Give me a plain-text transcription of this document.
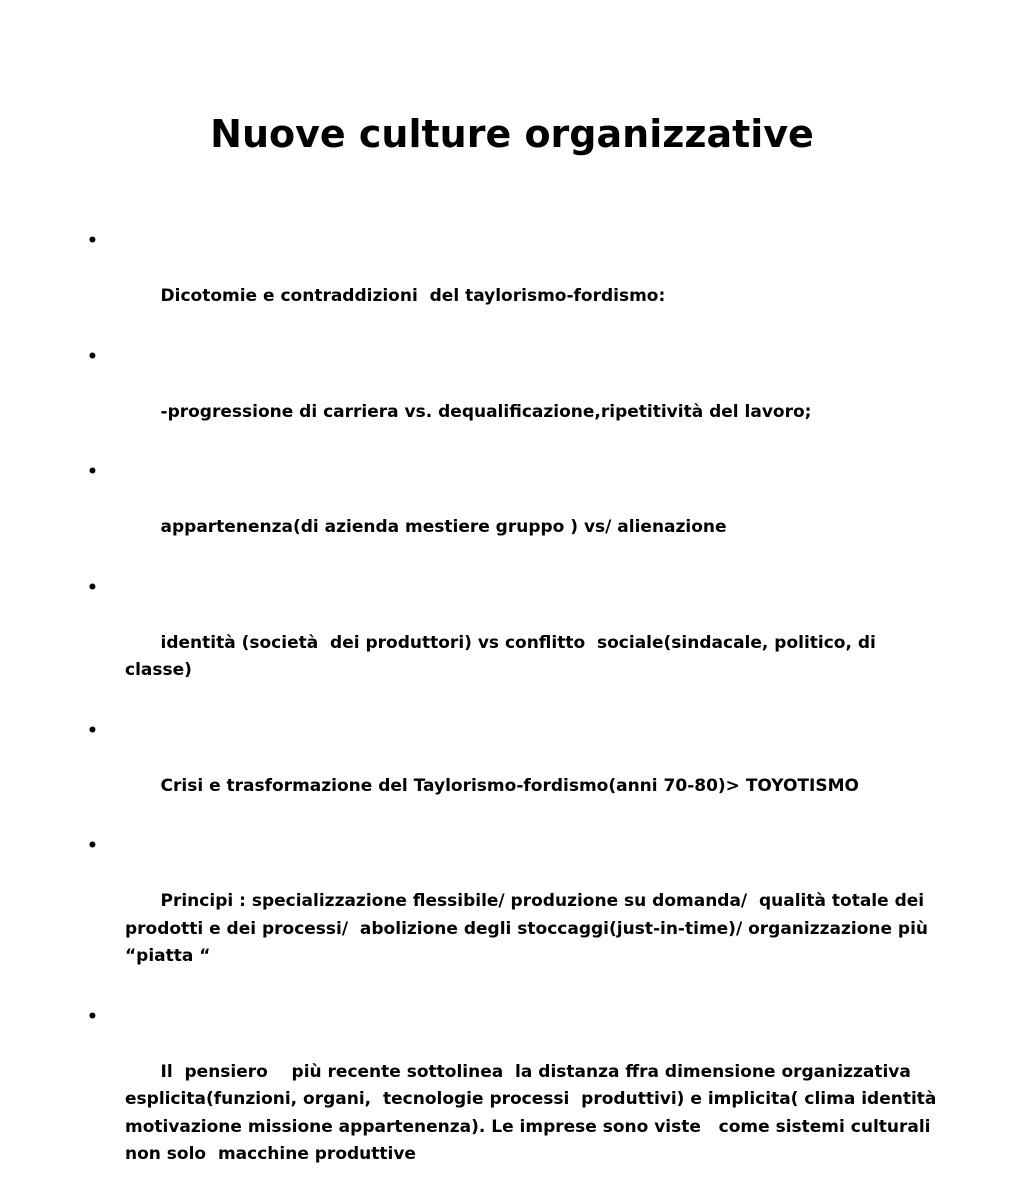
Nuove culture organizzative

•

Dicotomie e contraddizioni  del taylorismo-fordismo:

•

-progressione di carriera vs. dequalificazione,ripetitività del lavoro;

•

appartenenza(di azienda mestiere gruppo ) vs/ alienazione

•

identità (società  dei produttori) vs conflitto  sociale(sindacale, politico, di classe)

•

Crisi e trasformazione del Taylorismo-fordismo(anni 70-80)> TOYOTISMO

•

Principi : specializzazione flessibile/ produzione su domanda/  qualità totale dei prodotti e dei processi/  abolizione degli stoccaggi(just-in-time)/ organizzazione più  “piatta “

•

Il  pensiero    più recente sottolinea  la distanza ffra dimensione organizzativa  esplicita(funzioni, organi,  tecnologie processi  produttivi) e implicita( clima identità motivazione missione appartenenza). Le imprese sono viste   come sistemi culturali   non solo  macchine produttive
